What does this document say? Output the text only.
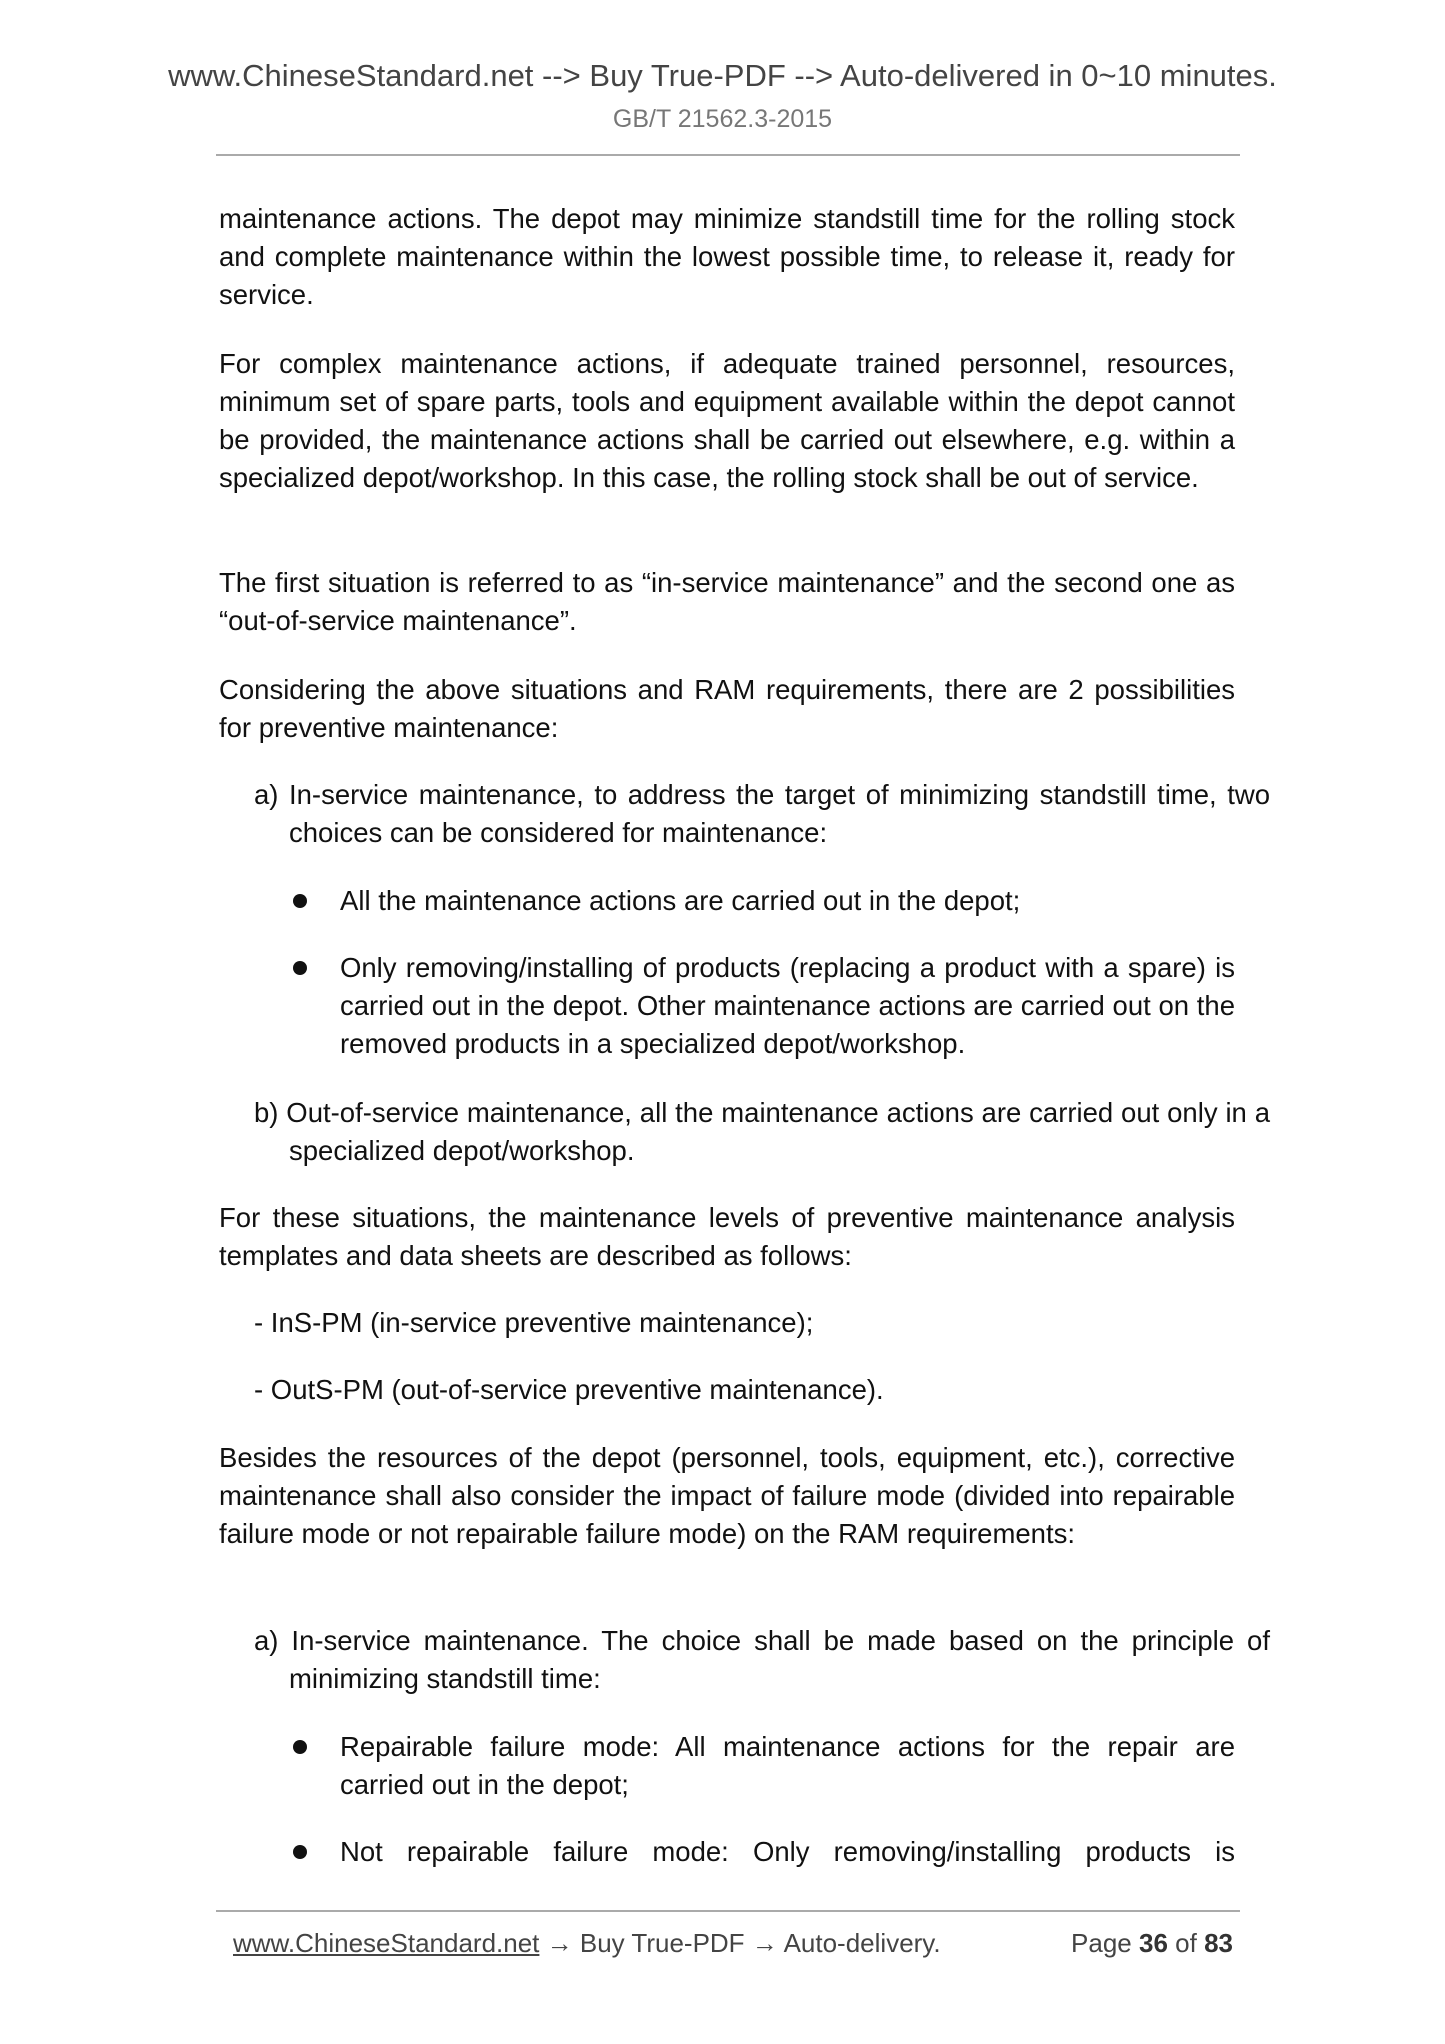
www.ChineseStandard.net --> Buy True-PDF --> Auto-delivered in 0~10 minutes.
GB/T 21562.3-2015
maintenance actions. The depot may minimize standstill time for the rolling stock and complete maintenance within the lowest possible time, to release it, ready for service.
For complex maintenance actions, if adequate trained personnel, resources, minimum set of spare parts, tools and equipment available within the depot cannot be provided, the maintenance actions shall be carried out elsewhere, e.g. within a specialized depot/workshop. In this case, the rolling stock shall be out of service.
The first situation is referred to as “in-service maintenance” and the second one as “out-of-service maintenance”.
Considering the above situations and RAM requirements, there are 2 possibilities for preventive maintenance:
a) In-service maintenance, to address the target of minimizing standstill time, two choices can be considered for maintenance:
All the maintenance actions are carried out in the depot;
Only removing/installing of products (replacing a product with a spare) is carried out in the depot. Other maintenance actions are carried out on the removed products in a specialized depot/workshop.
b) Out-of-service maintenance, all the maintenance actions are carried out only in a specialized depot/workshop.
For these situations, the maintenance levels of preventive maintenance analysis templates and data sheets are described as follows:
- InS-PM (in-service preventive maintenance);
- OutS-PM (out-of-service preventive maintenance).
Besides the resources of the depot (personnel, tools, equipment, etc.), corrective maintenance shall also consider the impact of failure mode (divided into repairable failure mode or not repairable failure mode) on the RAM requirements:
a) In-service maintenance. The choice shall be made based on the principle of minimizing standstill time:
Repairable failure mode: All maintenance actions for the repair are carried out in the depot;
Not repairable failure mode: Only removing/installing products is
www.ChineseStandard.net → Buy True-PDF → Auto-delivery.	Page 36 of 83
